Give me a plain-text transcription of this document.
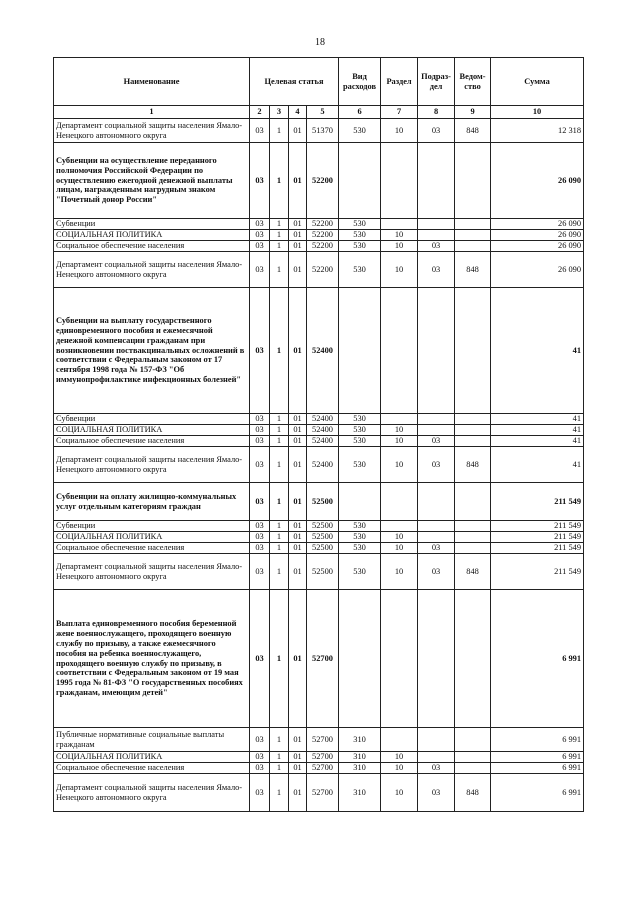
18
Наименование	Целевая статья				Вид расходов	Раздел	Подраз-дел	Ведом-ство	Сумма
1	2	3	4	5	6	7	8	9	10
Департамент социальной защиты населения Ямало-Ненецкого автономного округа	03	1	01	51370	530	10	03	848	12 318
Субвенции на осуществление переданного полномочия Российской Федерации по осуществлению ежегодной денежной выплаты лицам, награжденным нагрудным знаком "Почетный донор России"	03	1	01	52200					26 090
Субвенции	03	1	01	52200	530				26 090
СОЦИАЛЬНАЯ ПОЛИТИКА	03	1	01	52200	530	10			26 090
Социальное обеспечение населения	03	1	01	52200	530	10	03		26 090
Департамент социальной защиты населения Ямало-Ненецкого автономного округа	03	1	01	52200	530	10	03	848	26 090
Субвенции на выплату государственного единовременного пособия и ежемесячной денежной компенсации гражданам при возникновении поствакцинальных осложнений в соответствии с Федеральным законом от 17 сентября 1998 года № 157-ФЗ "Об иммунопрофилактике инфекционных болезней"	03	1	01	52400					41
Субвенции	03	1	01	52400	530				41
СОЦИАЛЬНАЯ ПОЛИТИКА	03	1	01	52400	530	10			41
Социальное обеспечение населения	03	1	01	52400	530	10	03		41
Департамент социальной защиты населения Ямало-Ненецкого автономного округа	03	1	01	52400	530	10	03	848	41
Субвенции на оплату жилищно-коммунальных услуг отдельным категориям граждан	03	1	01	52500					211 549
Субвенции	03	1	01	52500	530				211 549
СОЦИАЛЬНАЯ ПОЛИТИКА	03	1	01	52500	530	10			211 549
Социальное обеспечение населения	03	1	01	52500	530	10	03		211 549
Департамент социальной защиты населения Ямало-Ненецкого автономного округа	03	1	01	52500	530	10	03	848	211 549
Выплата единовременного пособия беременной жене военнослужащего, проходящего военную службу по призыву, а также ежемесячного пособия на ребенка военнослужащего, проходящего военную службу по призыву, в соответствии с Федеральным законом от 19 мая 1995 года № 81-ФЗ "О государственных пособиях гражданам, имеющим детей"	03	1	01	52700					6 991
Публичные нормативные социальные выплаты гражданам	03	1	01	52700	310				6 991
СОЦИАЛЬНАЯ ПОЛИТИКА	03	1	01	52700	310	10			6 991
Социальное обеспечение населения	03	1	01	52700	310	10	03		6 991
Департамент социальной защиты населения Ямало-Ненецкого автономного округа	03	1	01	52700	310	10	03	848	6 991
